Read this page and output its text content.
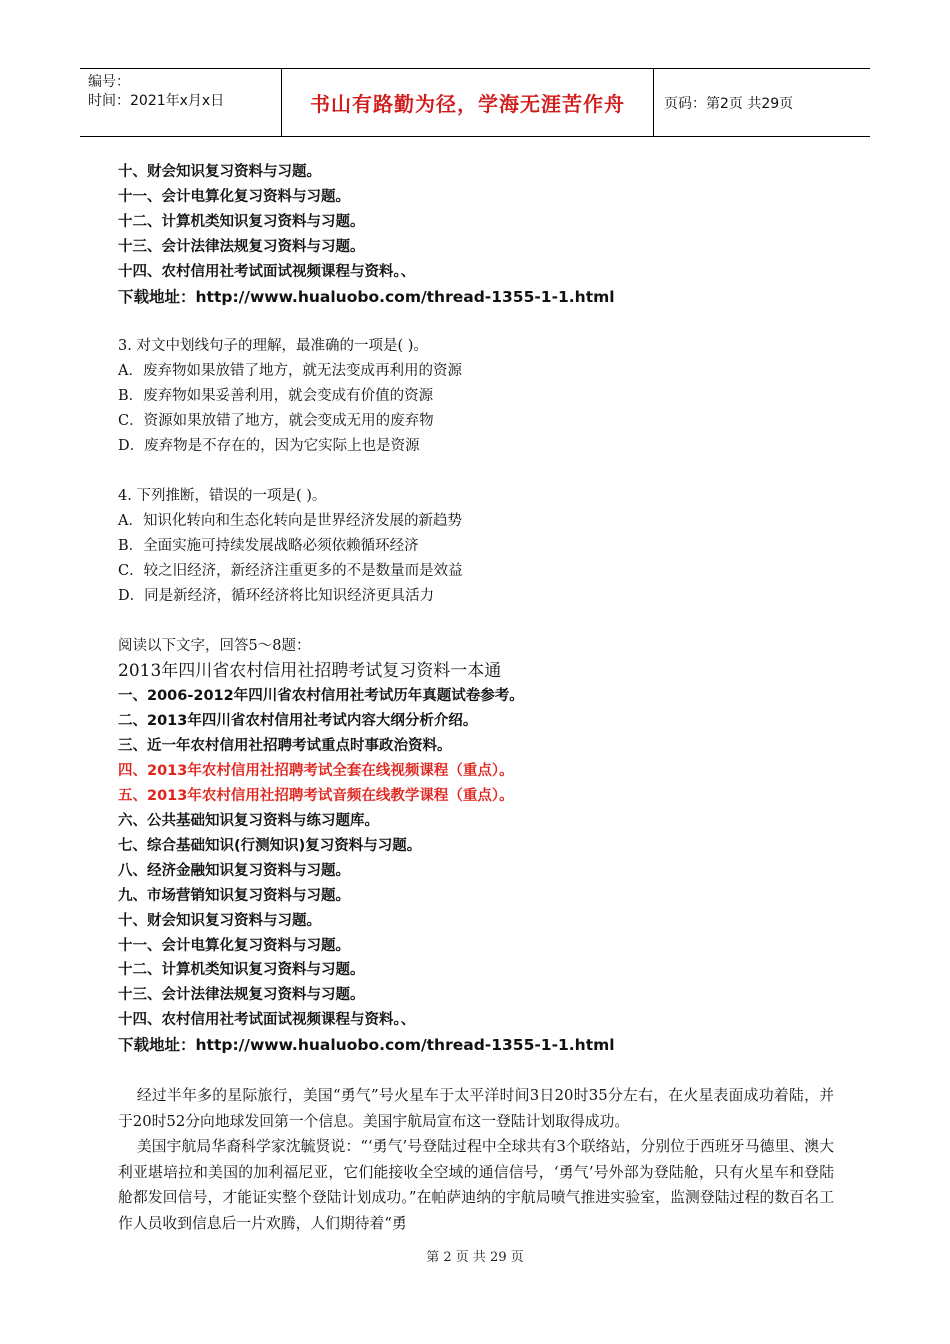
编号：
时间：2021年x月x日	书山有路勤为径，学海无涯苦作舟	页码：第2页 共29页
十、财会知识复习资料与习题。
十一、会计电算化复习资料与习题。
十二、计算机类知识复习资料与习题。
十三、会计法律法规复习资料与习题。
十四、农村信用社考试面试视频课程与资料。、
下载地址：http://www.hualuobo.com/thread-1355-1-1.html
3. 对文中划线句子的理解，最准确的一项是( )。
A．废弃物如果放错了地方，就无法变成再利用的资源
B．废弃物如果妥善利用，就会变成有价值的资源
C．资源如果放错了地方，就会变成无用的废弃物
D．废弃物是不存在的，因为它实际上也是资源
4. 下列推断，错误的一项是( )。
A．知识化转向和生态化转向是世界经济发展的新趋势
B．全面实施可持续发展战略必须依赖循环经济
C．较之旧经济，新经济注重更多的不是数量而是效益
D．同是新经济，循环经济将比知识经济更具活力
阅读以下文字，回答5～8题：
2013年四川省农村信用社招聘考试复习资料一本通
一、2006-2012年四川省农村信用社考试历年真题试卷参考。
二、2013年四川省农村信用社考试内容大纲分析介绍。
三、近一年农村信用社招聘考试重点时事政治资料。
四、2013年农村信用社招聘考试全套在线视频课程（重点）。
五、2013年农村信用社招聘考试音频在线教学课程（重点）。
六、公共基础知识复习资料与练习题库。
七、综合基础知识(行测知识)复习资料与习题。
八、经济金融知识复习资料与习题。
九、市场营销知识复习资料与习题。
十、财会知识复习资料与习题。
十一、会计电算化复习资料与习题。
十二、计算机类知识复习资料与习题。
十三、会计法律法规复习资料与习题。
十四、农村信用社考试面试视频课程与资料。、
下载地址：http://www.hualuobo.com/thread-1355-1-1.html

经过半年多的星际旅行，美国“勇气”号火星车于太平洋时间3日20时35分左右，在火星表面成功着陆，并于20时52分向地球发回第一个信息。美国宇航局宣布这一登陆计划取得成功。

美国宇航局华裔科学家沈毓贤说：“‘勇气’号登陆过程中全球共有3个联络站，分别位于西班牙马德里、澳大利亚堪培拉和美国的加利福尼亚，它们能接收全空域的通信信号，‘勇气’号外部为登陆舱，只有火星车和登陆舱都发回信号，才能证实整个登陆计划成功。”在帕萨迪纳的宇航局喷气推进实验室，监测登陆过程的数百名工作人员收到信息后一片欢腾，人们期待着“勇

第 2 页 共 29 页
